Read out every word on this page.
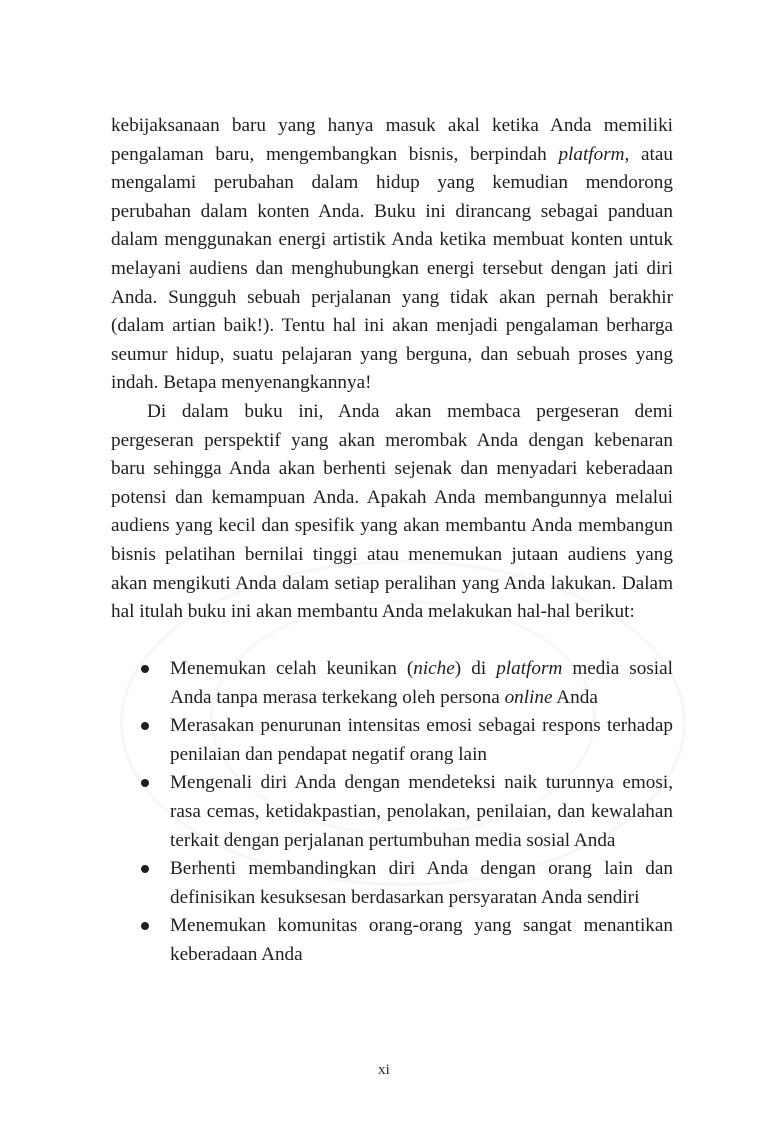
kebijaksanaan baru yang hanya masuk akal ketika Anda memiliki pengalaman baru, mengembangkan bisnis, berpindah platform, atau mengalami perubahan dalam hidup yang kemudian mendorong perubahan dalam konten Anda. Buku ini dirancang sebagai panduan dalam menggunakan energi artistik Anda ketika membuat konten untuk melayani audiens dan menghubungkan energi tersebut dengan jati diri Anda. Sungguh sebuah perjalanan yang tidak akan pernah berakhir (dalam artian baik!). Tentu hal ini akan menjadi pengalaman berharga seumur hidup, suatu pelajaran yang berguna, dan sebuah proses yang indah. Betapa menyenangkannya!

Di dalam buku ini, Anda akan membaca pergeseran demi pergeseran perspektif yang akan merombak Anda dengan kebenaran baru sehingga Anda akan berhenti sejenak dan menyadari keberadaan potensi dan kemampuan Anda. Apakah Anda membangunnya melalui audiens yang kecil dan spesifik yang akan membantu Anda membangun bisnis pelatihan bernilai tinggi atau menemukan jutaan audiens yang akan mengikuti Anda dalam setiap peralihan yang Anda lakukan. Dalam hal itulah buku ini akan membantu Anda melakukan hal-hal berikut:

Menemukan celah keunikan (niche) di platform media sosial Anda tanpa merasa terkekang oleh persona online Anda
Merasakan penurunan intensitas emosi sebagai respons terhadap penilaian dan pendapat negatif orang lain
Mengenali diri Anda dengan mendeteksi naik turunnya emosi, rasa cemas, ketidakpastian, penolakan, penilaian, dan kewalahan terkait dengan perjalanan pertumbuhan media sosial Anda
Berhenti membandingkan diri Anda dengan orang lain dan definisikan kesuksesan berdasarkan persyaratan Anda sendiri
Menemukan komunitas orang-orang yang sangat menantikan keberadaan Anda
xi
